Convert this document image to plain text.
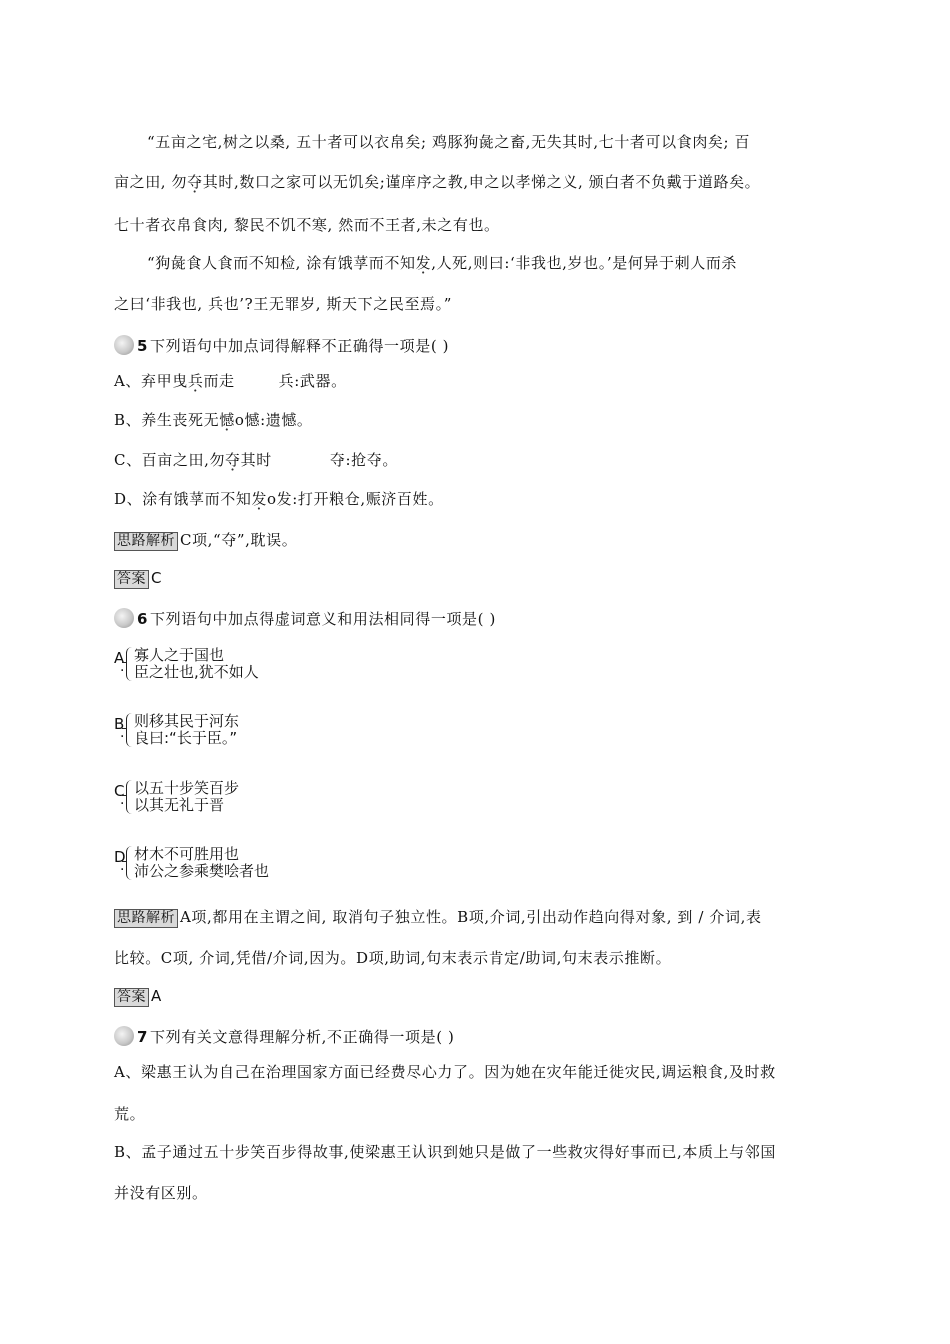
“五亩之宅,树之以桑, 五十者可以衣帛矣; 鸡豚狗彘之畜,无失其时,七十者可以食肉矣; 百
亩之田, 勿夺其时,数口之家可以无饥矣;谨庠序之教,申之以孝悌之义, 颁白者不负戴于道路矣。
七十者衣帛食肉, 黎民不饥不寒, 然而不王者,未之有也。
“狗彘食人食而不知检, 涂有饿莩而不知发,人死,则曰:‘非我也,岁也。’是何异于刺人而杀
之曰‘非我也, 兵也’?王无罪岁, 斯天下之民至焉。”
5 下列语句中加点词得解释不正确得一项是( )
A、弃甲曳兵而走	兵:武器。
B、养生丧死无憾o憾:遗憾。
C、百亩之田,勿夺其时	夺:抢夺。
D、涂有饿莩而不知发o发:打开粮仓,赈济百姓。
思路解析 C项,“夺”,耽误。
答案 C
6 下列语句中加点得虚词意义和用法相同得一项是( )
A
·
寡人之于国也
臣之壮也,犹不如人
B
·
则移其民于河东
良曰:“长于臣。”
C
·
以五十步笑百步
以其无礼于晋
D
·
材木不可胜用也
沛公之参乘樊哙者也
思路解析 A项,都用在主谓之间, 取消句子独立性。B项,介词,引出动作趋向得对象, 到 / 介词,表
比较。C项, 介词,凭借/介词,因为。D项,助词,句末表示肯定/助词,句末表示推断。
答案 A
7 下列有关文意得理解分析,不正确得一项是( )
A、梁惠王认为自己在治理国家方面已经费尽心力了。因为她在灾年能迁徙灾民,调运粮食,及时救
荒。
B、孟子通过五十步笑百步得故事,使梁惠王认识到她只是做了一些救灾得好事而已,本质上与邻国
并没有区别。
